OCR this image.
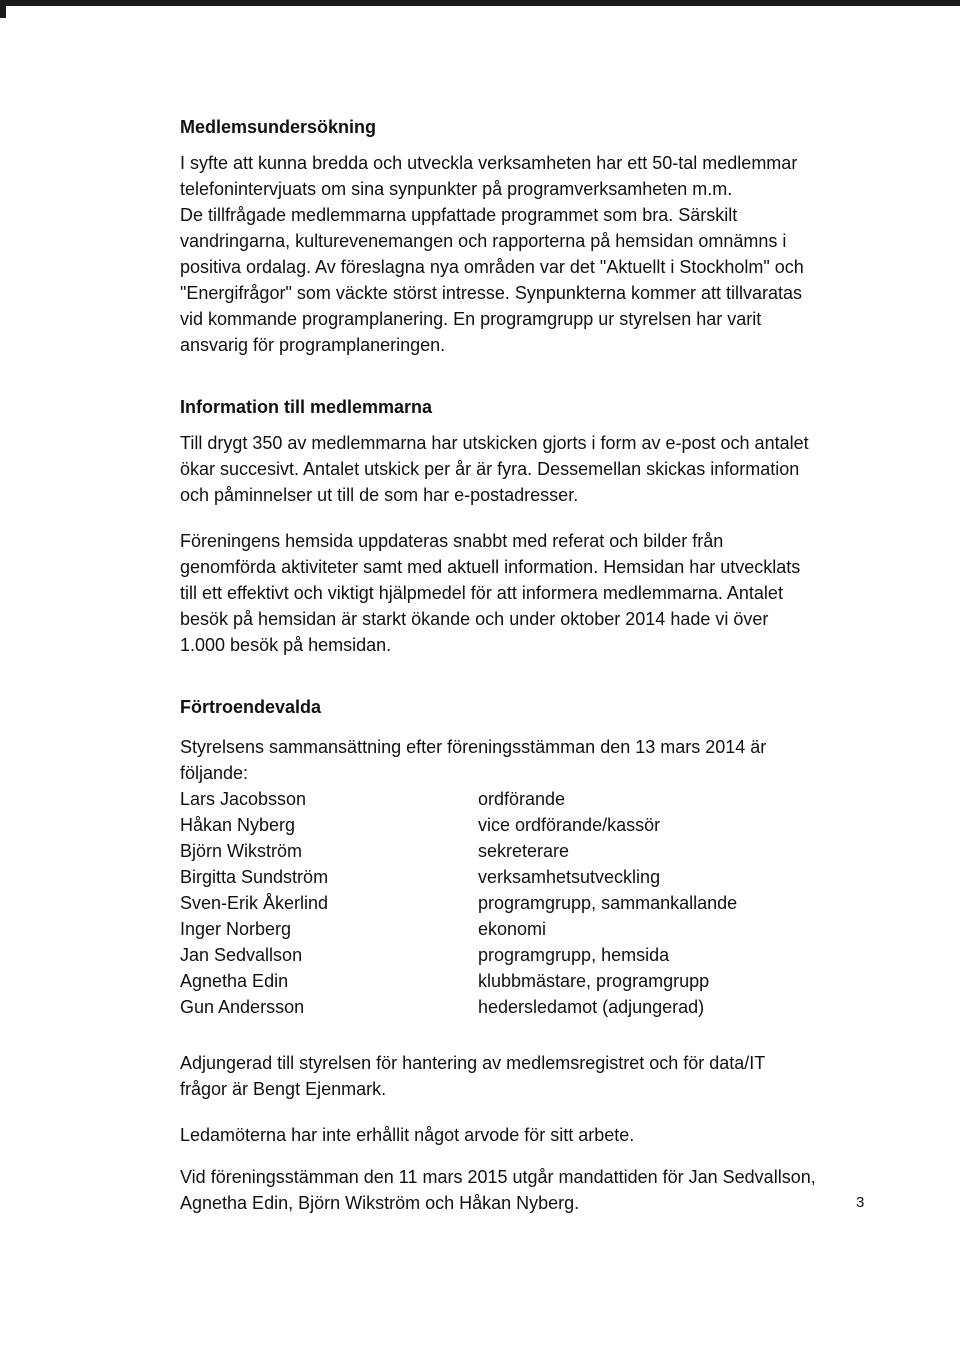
Medlemsundersökning

I syfte att kunna bredda och utveckla verksamheten har ett 50-tal medlemmar
telefonintervjuats om sina synpunkter på programverksamheten m.m.
De tillfrågade medlemmarna uppfattade programmet som bra. Särskilt
vandringarna, kulturevenemangen och rapporterna på hemsidan omnämns i
positiva ordalag. Av föreslagna nya områden var det "Aktuellt i Stockholm" och
"Energifrågor" som väckte störst intresse. Synpunkterna kommer att tillvaratas
vid kommande programplanering. En programgrupp ur styrelsen har varit
ansvarig för programplaneringen.

Information till medlemmarna

Till drygt 350 av medlemmarna har utskicken gjorts i form av e-post och antalet
ökar succesivt. Antalet utskick per år är fyra. Dessemellan skickas information
och påminnelser ut till de som har e-postadresser.

Föreningens hemsida uppdateras snabbt med referat och bilder från
genomförda aktiviteter samt med aktuell information. Hemsidan har utvecklats
till ett effektivt och viktigt hjälpmedel för att informera medlemmarna. Antalet
besök på hemsidan är starkt ökande och under oktober 2014 hade vi över
1.000 besök på hemsidan.

Förtroendevalda

Styrelsens sammansättning efter föreningsstämman den 13 mars 2014 är
följande:

Lars Jacobsson	ordförande
Håkan Nyberg	vice ordförande/kassör
Björn Wikström	sekreterare
Birgitta Sundström	verksamhetsutveckling
Sven-Erik Åkerlind	programgrupp, sammankallande
Inger Norberg	ekonomi
Jan Sedvallson	programgrupp, hemsida
Agnetha Edin	klubbmästare, programgrupp
Gun Andersson	hedersledamot (adjungerad)

Adjungerad till styrelsen för hantering av medlemsregistret och för data/IT
frågor är Bengt Ejenmark.

Ledamöterna har inte erhållit något arvode för sitt arbete.

Vid föreningsstämman den 11 mars 2015 utgår mandattiden för Jan Sedvallson,
Agnetha Edin, Björn Wikström och Håkan Nyberg.	3
